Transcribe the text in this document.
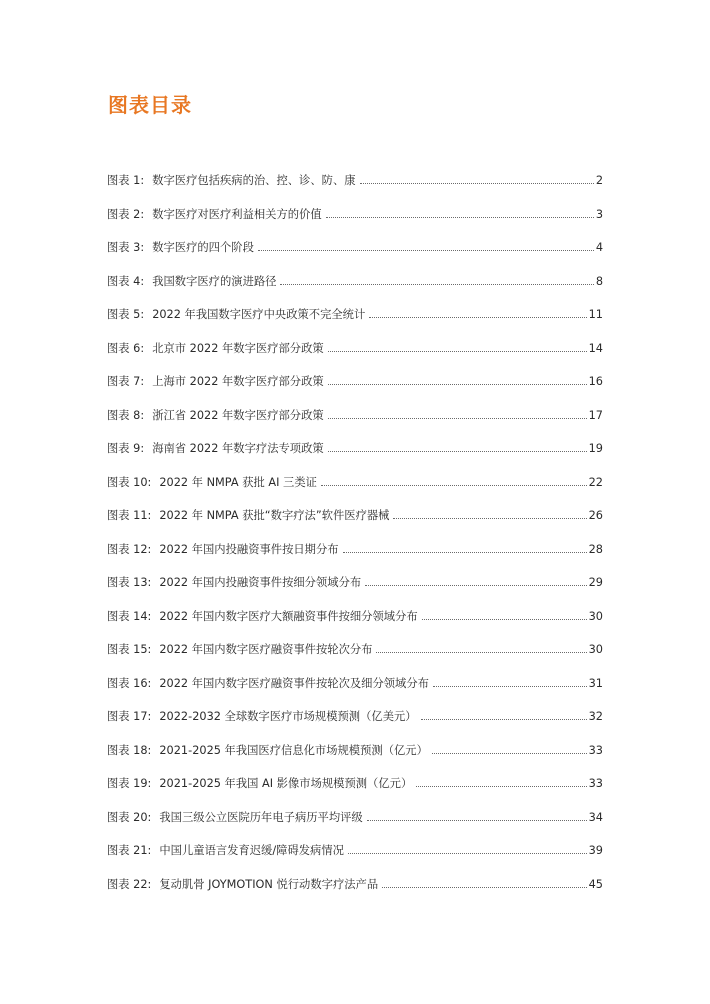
图表目录
图表 1: 数字医疗包括疾病的治、控、诊、防、康	2
图表 2: 数字医疗对医疗利益相关方的价值	3
图表 3: 数字医疗的四个阶段	4
图表 4: 我国数字医疗的演进路径	8
图表 5: 2022 年我国数字医疗中央政策不完全统计	11
图表 6: 北京市 2022 年数字医疗部分政策	14
图表 7: 上海市 2022 年数字医疗部分政策	16
图表 8: 浙江省 2022 年数字医疗部分政策	17
图表 9: 海南省 2022 年数字疗法专项政策	19
图表 10: 2022 年 NMPA 获批 AI 三类证	22
图表 11: 2022 年 NMPA 获批“数字疗法”软件医疗器械	26
图表 12: 2022 年国内投融资事件按日期分布	28
图表 13: 2022 年国内投融资事件按细分领域分布	29
图表 14: 2022 年国内数字医疗大额融资事件按细分领域分布	30
图表 15: 2022 年国内数字医疗融资事件按轮次分布	30
图表 16: 2022 年国内数字医疗融资事件按轮次及细分领域分布	31
图表 17: 2022-2032 全球数字医疗市场规模预测（亿美元）	32
图表 18: 2021-2025 年我国医疗信息化市场规模预测（亿元）	33
图表 19: 2021-2025 年我国 AI 影像市场规模预测（亿元）	33
图表 20: 我国三级公立医院历年电子病历平均评级	34
图表 21: 中国儿童语言发育迟缓/障碍发病情况	39
图表 22: 复动肌骨 JOYMOTION 悦行动数字疗法产品	45
